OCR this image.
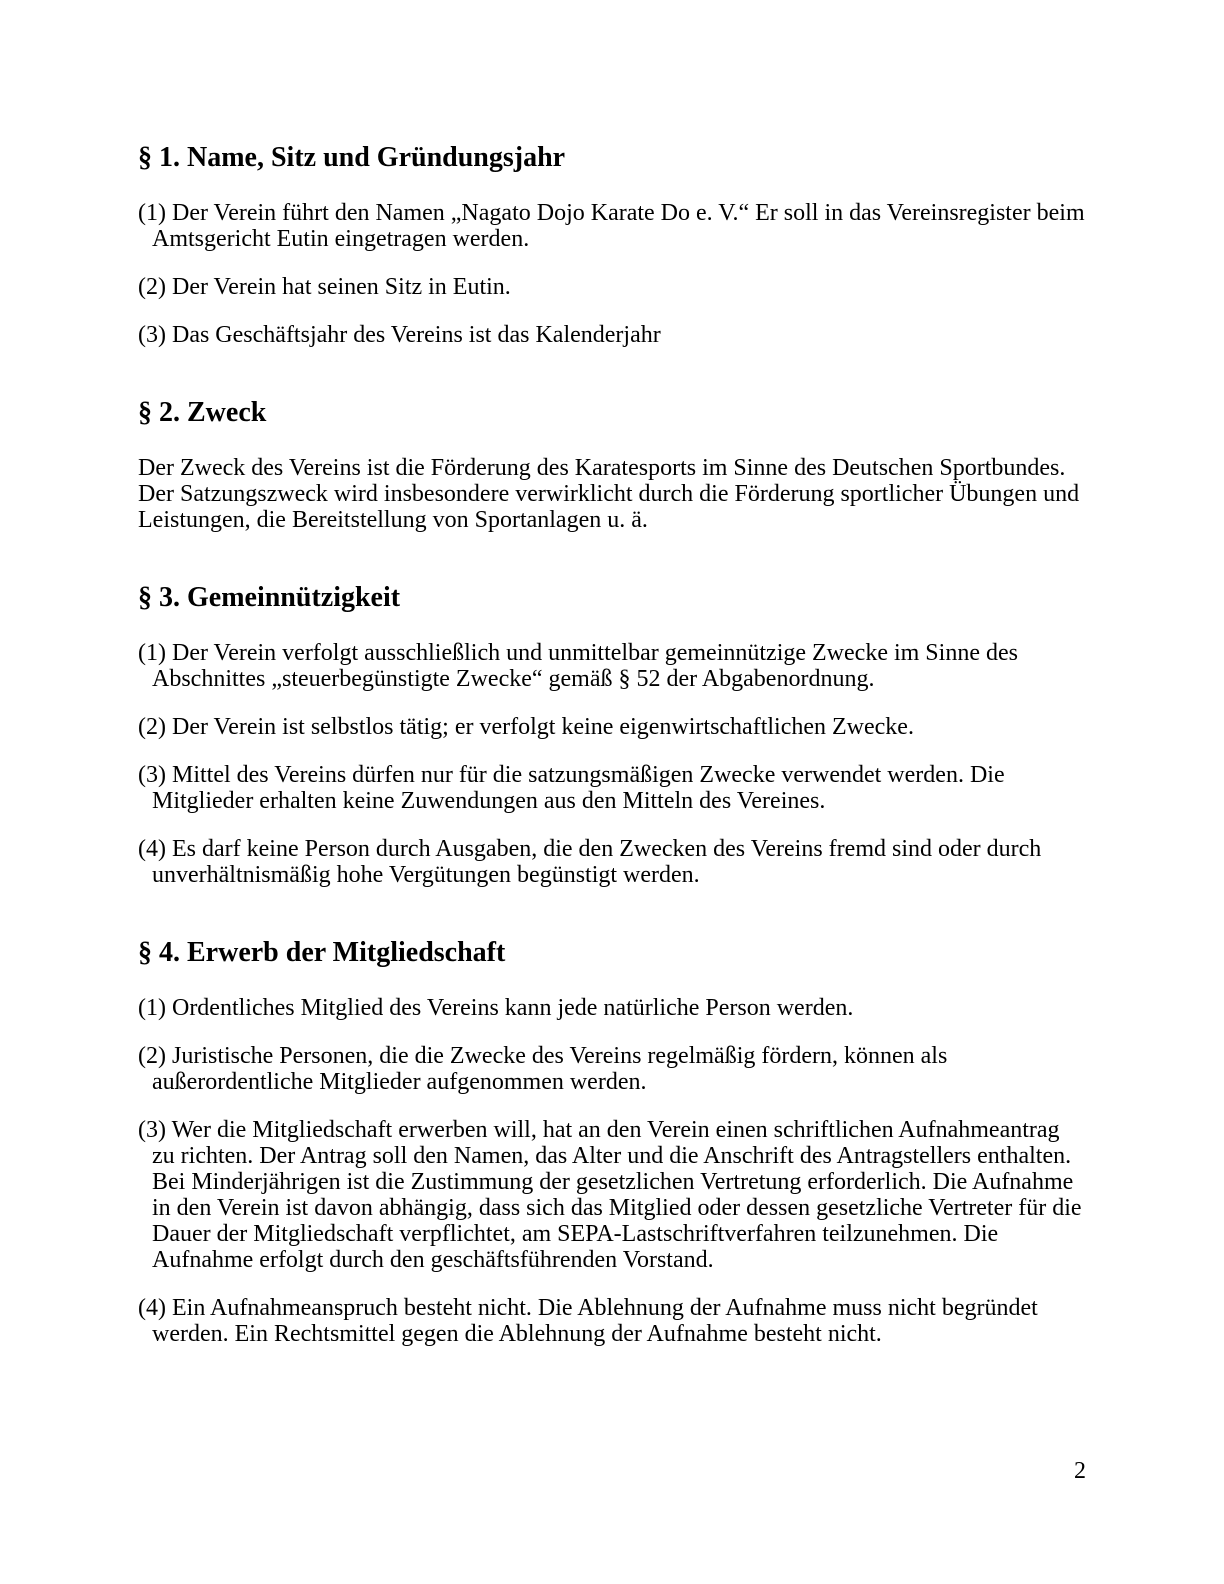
§ 1. Name, Sitz und Gründungsjahr

(1) Der Verein führt den Namen „Nagato Dojo Karate Do e. V.“ Er soll in das Vereinsregister beim Amtsgericht Eutin eingetragen werden.

(2) Der Verein hat seinen Sitz in Eutin.

(3) Das Geschäftsjahr des Vereins ist das Kalenderjahr

§ 2. Zweck

Der Zweck des Vereins ist die Förderung des Karatesports im Sinne des Deutschen Sportbundes. Der Satzungszweck wird insbesondere verwirklicht durch die Förderung sportlicher Übungen und Leistungen, die Bereitstellung von Sportanlagen u. ä.

§ 3. Gemeinnützigkeit

(1) Der Verein verfolgt ausschließlich und unmittelbar gemeinnützige Zwecke im Sinne des Abschnittes „steuerbegünstigte Zwecke“ gemäß § 52 der Abgabenordnung.

(2) Der Verein ist selbstlos tätig; er verfolgt keine eigenwirtschaftlichen Zwecke.

(3) Mittel des Vereins dürfen nur für die satzungsmäßigen Zwecke verwendet werden. Die Mitglieder erhalten keine Zuwendungen aus den Mitteln des Vereines.

(4) Es darf keine Person durch Ausgaben, die den Zwecken des Vereins fremd sind oder durch unverhältnismäßig hohe Vergütungen begünstigt werden.

§ 4. Erwerb der Mitgliedschaft

(1) Ordentliches Mitglied des Vereins kann jede natürliche Person werden.

(2) Juristische Personen, die die Zwecke des Vereins regelmäßig fördern, können als außerordentliche Mitglieder aufgenommen werden.

(3) Wer die Mitgliedschaft erwerben will, hat an den Verein einen schriftlichen Aufnahmeantrag zu richten. Der Antrag soll den Namen, das Alter und die Anschrift des Antragstellers enthalten. Bei Minderjährigen ist die Zustimmung der gesetzlichen Vertretung erforderlich. Die Aufnahme in den Verein ist davon abhängig, dass sich das Mitglied oder dessen gesetzliche Vertreter für die Dauer der Mitgliedschaft verpflichtet, am SEPA-Lastschriftverfahren teilzunehmen. Die Aufnahme erfolgt durch den geschäftsführenden Vorstand.

(4) Ein Aufnahmeanspruch besteht nicht. Die Ablehnung der Aufnahme muss nicht begründet werden. Ein Rechtsmittel gegen die Ablehnung der Aufnahme besteht nicht.

2
